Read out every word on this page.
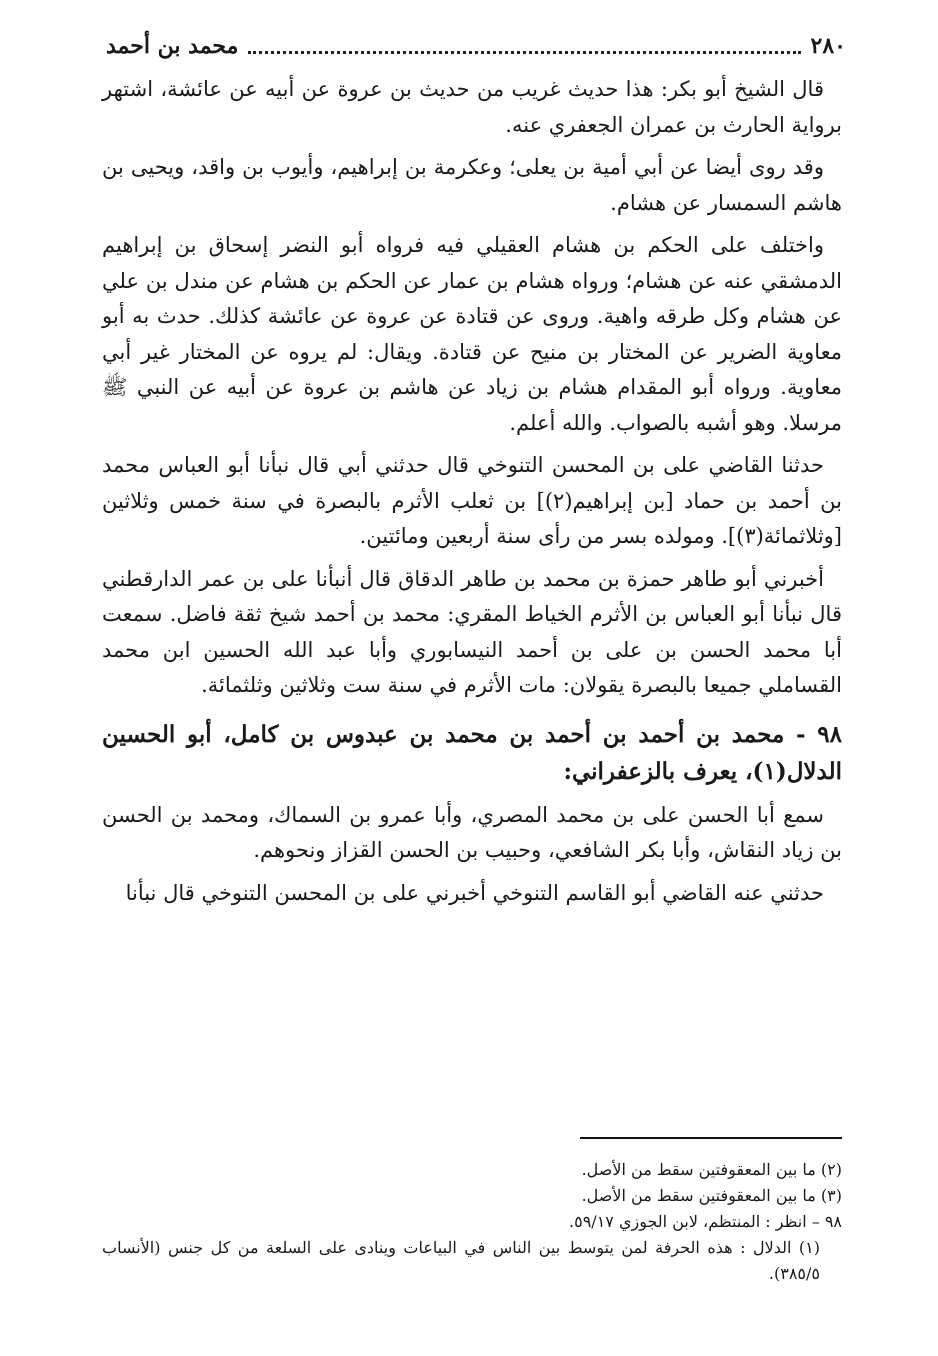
٢٨٠
محمد بن أحمد

قال الشيخ أبو بكر: هذا حديث غريب من حديث بن عروة عن أبيه عن عائشة، اشتهر برواية الحارث بن عمران الجعفري عنه.

وقد روى أيضا عن أبي أمية بن يعلى؛ وعكرمة بن إبراهيم، وأيوب بن واقد، ويحيى بن هاشم السمسار عن هشام.

واختلف على الحكم بن هشام العقيلي فيه فرواه أبو النضر إسحاق بن إبراهيم الدمشقي عنه عن هشام؛ ورواه هشام بن عمار عن الحكم بن هشام عن مندل بن علي عن هشام وكل طرقه واهية. وروى عن قتادة عن عروة عن عائشة كذلك. حدث به أبو معاوية الضرير عن المختار بن منيح عن قتادة. ويقال: لم يروه عن المختار غير أبي معاوية. ورواه أبو المقدام هشام بن زياد عن هاشم بن عروة عن أبيه عن النبي ﷺ مرسلا. وهو أشبه بالصواب. والله أعلم.

حدثنا القاضي على بن المحسن التنوخي قال حدثني أبي قال نبأنا أبو العباس محمد بن أحمد بن حماد [بن إبراهيم(٢)] بن ثعلب الأثرم بالبصرة في سنة خمس وثلاثين [وثلاثمائة(٣)]. ومولده بسر من رأى سنة أربعين ومائتين.

أخبرني أبو طاهر حمزة بن محمد بن طاهر الدقاق قال أنبأنا على بن عمر الدارقطني قال نبأنا أبو العباس بن الأثرم الخياط المقري: محمد بن أحمد شيخ ثقة فاضل. سمعت أبا محمد الحسن بن على بن أحمد النيسابوري وأبا عبد الله الحسين ابن محمد القساملي جميعا بالبصرة يقولان: مات الأثرم في سنة ست وثلاثين وثلثمائة.

٩٨ - محمد بن أحمد بن أحمد بن محمد بن عبدوس بن كامل، أبو الحسين الدلال(١)، يعرف بالزعفراني:

سمع أبا الحسن على بن محمد المصري، وأبا عمرو بن السماك، ومحمد بن الحسن بن زياد النقاش، وأبا بكر الشافعي، وحبيب بن الحسن القزاز ونحوهم.

حدثني عنه القاضي أبو القاسم التنوخي أخبرني على بن المحسن التنوخي قال نبأنا

(٢) ما بين المعقوفتين سقط من الأصل.
(٣) ما بين المعقوفتين سقط من الأصل.
٩٨ – انظر : المنتظم، لابن الجوزي ٥٩/١٧.
(١) الدلال : هذه الحرفة لمن يتوسط بين الناس في البياعات وينادى على السلعة من كل جنس (الأنساب ٣٨٥/٥).
